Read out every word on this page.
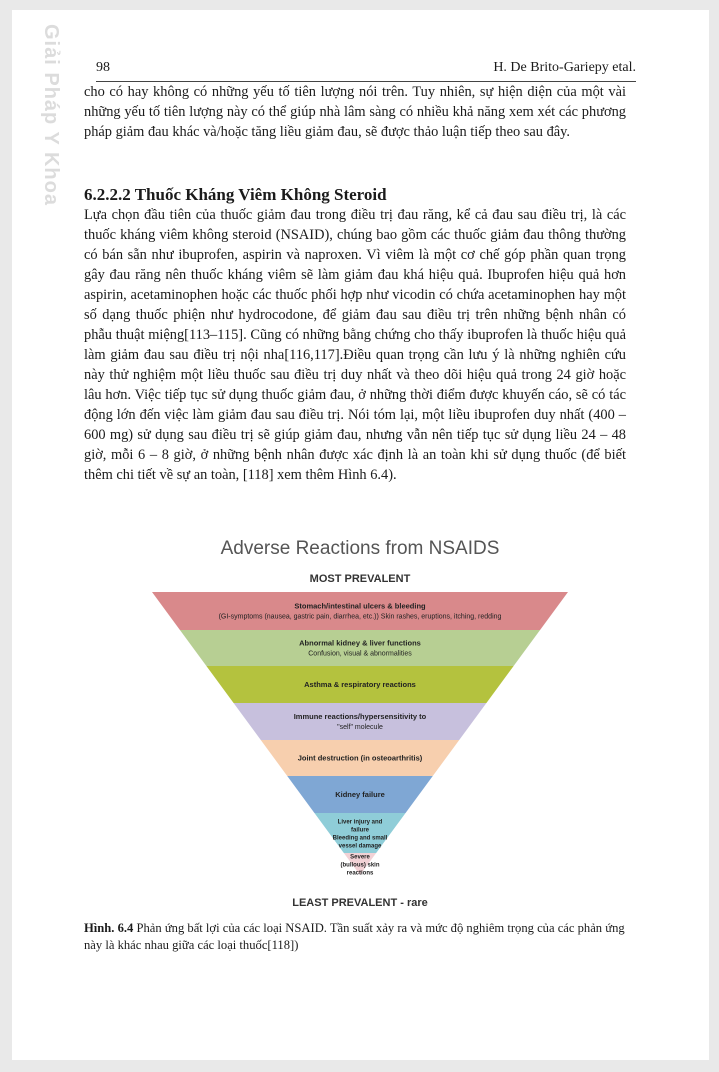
Giải Pháp Y Khoa 98	H. De Brito-Gariepy etal.
cho có hay không có những yếu tố tiên lượng nói trên. Tuy nhiên, sự hiện diện của một vài những yếu tố tiên lượng này có thể giúp nhà lâm sàng có nhiều khả năng xem xét các phương pháp giảm đau khác và/hoặc tăng liều giảm đau, sẽ được thảo luận tiếp theo sau đây.
6.2.2.2 Thuốc Kháng Viêm Không Steroid
Lựa chọn đầu tiên của thuốc giảm đau trong điều trị đau răng, kể cả đau sau điều trị, là các thuốc kháng viêm không steroid (NSAID), chúng bao gồm các thuốc giảm đau thông thường có bán sẵn như ibuprofen, aspirin và naproxen. Vì viêm là một cơ chế góp phần quan trọng gây đau răng nên thuốc kháng viêm sẽ làm giảm đau khá hiệu quả. Ibuprofen hiệu quả hơn aspirin, acetaminophen hoặc các thuốc phối hợp như vicodin có chứa acetaminophen hay một số dạng thuốc phiện như hydrocodone, để giảm đau sau điều trị trên những bệnh nhân có phẫu thuật miệng[113–115]. Cũng có những bằng chứng cho thấy ibuprofen là thuốc hiệu quả làm giảm đau sau điều trị nội nha[116,117].Điều quan trọng cần lưu ý là những nghiên cứu này thử nghiệm một liều thuốc sau điều trị duy nhất và theo dõi hiệu quả trong 24 giờ hoặc lâu hơn. Việc tiếp tục sử dụng thuốc giảm đau, ở những thời điểm được khuyến cáo, sẽ có tác động lớn đến việc làm giảm đau sau điều trị. Nói tóm lại, một liều ibuprofen duy nhất (400 – 600 mg) sử dụng sau điều trị sẽ giúp giảm đau, nhưng vẫn nên tiếp tục sử dụng liều 24 – 48 giờ, mỗi 6 – 8 giờ, ở những bệnh nhân được xác định là an toàn khi sử dụng thuốc (để biết thêm chi tiết về sự an toàn, [118] xem thêm Hình 6.4).
Adverse Reactions from NSAIDS
MOST PREVALENT
Stomach/intestinal ulcers & bleeding
(GI-symptoms (nausea, gastric pain, diarrhea, etc.)) Skin rashes, eruptions, itching, redding
Abnormal kidney & liver functions
Confusion, visual & abnormalities
Asthma & respiratory reactions
Immune reactions/hypersensitivity to
"self" molecule
Joint destruction (in osteoarthritis)
Kidney failure
Liver injury and
failure
Bleeding and small
vessel damage
Severe
(bullous) skin
reactions
LEAST PREVALENT - rare
Hình. 6.4 Phản ứng bất lợi của các loại NSAID. Tần suất xảy ra và mức độ nghiêm trọng của các phản ứng này là khác nhau giữa các loại thuốc[118])
